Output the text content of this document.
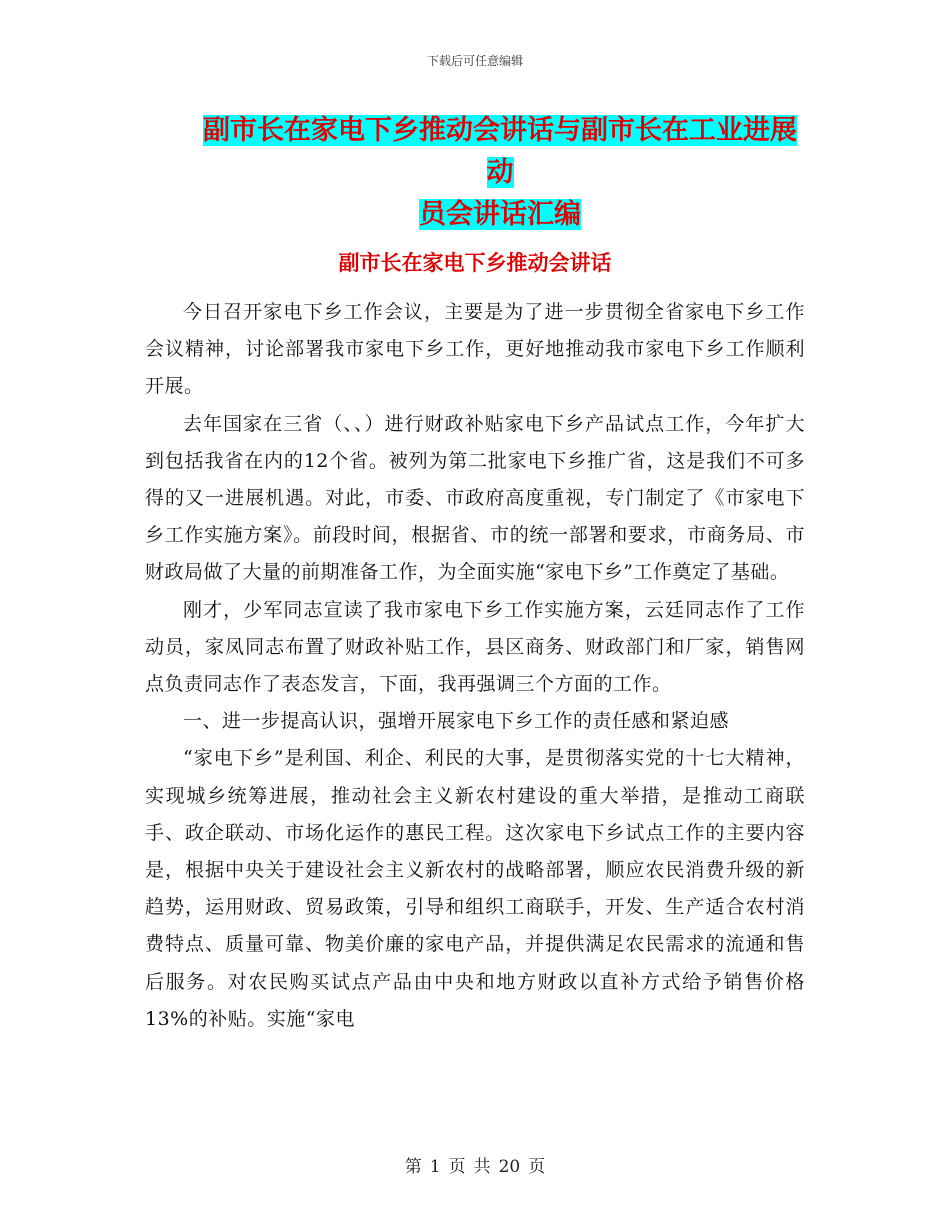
下载后可任意编辑
副市长在家电下乡推动会讲话与副市长在工业进展动
员会讲话汇编
副市长在家电下乡推动会讲话

今日召开家电下乡工作会议，主要是为了进一步贯彻全省家电下乡工作会议精神，讨论部署我市家电下乡工作，更好地推动我市家电下乡工作顺利开展。

去年国家在三省（、、）进行财政补贴家电下乡产品试点工作，今年扩大到包括我省在内的12个省。被列为第二批家电下乡推广省，这是我们不可多得的又一进展机遇。对此，市委、市政府高度重视，专门制定了《市家电下乡工作实施方案》。前段时间，根据省、市的统一部署和要求，市商务局、市财政局做了大量的前期准备工作，为全面实施“家电下乡”工作奠定了基础。

刚才，少军同志宣读了我市家电下乡工作实施方案，云廷同志作了工作动员，家凤同志布置了财政补贴工作，县区商务、财政部门和厂家，销售网点负责同志作了表态发言，下面，我再强调三个方面的工作。

一、进一步提高认识，强增开展家电下乡工作的责任感和紧迫感

“家电下乡”是利国、利企、利民的大事，是贯彻落实党的十七大精神，实现城乡统筹进展，推动社会主义新农村建设的重大举措，是推动工商联手、政企联动、市场化运作的惠民工程。这次家电下乡试点工作的主要内容是，根据中央关于建设社会主义新农村的战略部署，顺应农民消费升级的新趋势，运用财政、贸易政策，引导和组织工商联手，开发、生产适合农村消费特点、质量可靠、物美价廉的家电产品，并提供满足农民需求的流通和售后服务。对农民购买试点产品由中央和地方财政以直补方式给予销售价格13%的补贴。实施“家电

第 1 页 共 20 页
